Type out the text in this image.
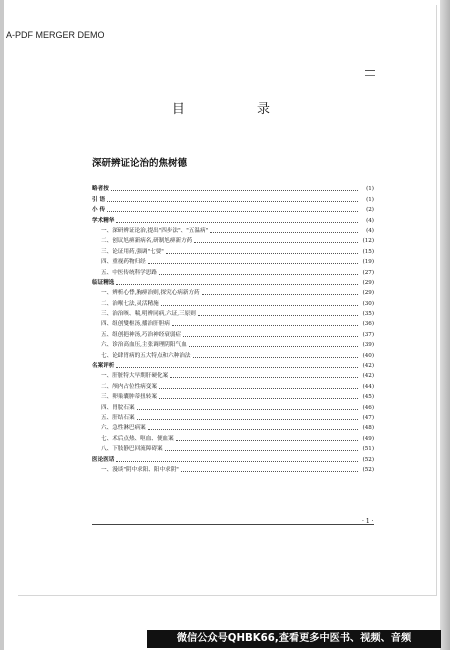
A-PDF MERGER DEMO
目 录
深研辨证论治的焦树德
略者按	(1)
引 语	(1)
小 传	(2)
学术精华	(4)
一、深研辨证论治,提出"四步法"、"五温病"	(4)
二、创议尪痹新病名,研制尪痹新方药	(12)
三、论证用药,强调"七要"	(15)
四、重视药物归经	(19)
五、中医传统科学思路	(27)
临证精选	(29)
一、辨析心悸,胸痹治则,探究心病新方药	(29)
二、治喉七法,灵活精施	(30)
三、治治咳、喘,明辨同病,六证,三原则	(35)
四、组创燮枢汤,播治肝胆病	(36)
五、组创挹神汤,巧治神经衰弱症	(37)
六、诊治高血压,主张调理阴阳气血	(39)
七、论肆胃病的五大特点和六种治法	(40)
名案评析	(42)
一、肝脏特大早期肝硬化案	(42)
二、颅内占位性病变案	(44)
三、卵巢囊肿蒂扭转案	(45)
四、胃脘石案	(46)
五、肝结石案	(47)
六、急性淋巴病案	(48)
七、术后点热、呕血、便血案	(49)
八、下肢静巴回流障碍案	(51)
医论医话	(52)
一、漫谈"阴中求阳、阳中求阴"	(52)
· 1 ·
微信公众号QHBK66,查看更多中医书、视频、音频
